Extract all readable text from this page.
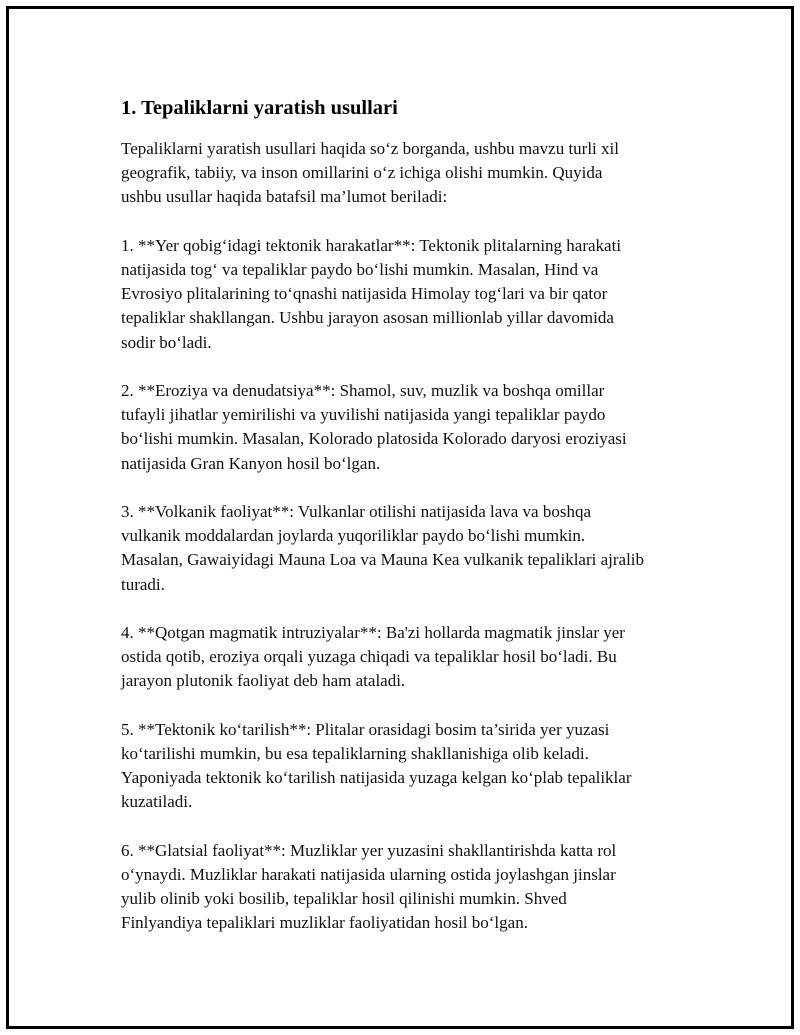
1. Tepaliklarni yaratish usullari

Tepaliklarni yaratish usullari haqida so‘z borganda, ushbu mavzu turli xil
geografik, tabiiy, va inson omillarini o‘z ichiga olishi mumkin. Quyida
ushbu usullar haqida batafsil ma’lumot beriladi:

1. **Yer qobig‘idagi tektonik harakatlar**: Tektonik plitalarning harakati
natijasida tog‘ va tepaliklar paydo bo‘lishi mumkin. Masalan, Hind va
Evrosiyo plitalarining to‘qnashi natijasida Himolay tog‘lari va bir qator
tepaliklar shakllangan. Ushbu jarayon asosan millionlab yillar davomida
sodir bo‘ladi.

2. **Eroziya va denudatsiya**: Shamol, suv, muzlik va boshqa omillar
tufayli jihatlar yemirilishi va yuvilishi natijasida yangi tepaliklar paydo
bo‘lishi mumkin. Masalan, Kolorado platosida Kolorado daryosi eroziyasi
natijasida Gran Kanyon hosil bo‘lgan.

3. **Volkanik faoliyat**: Vulkanlar otilishi natijasida lava va boshqa
vulkanik moddalardan joylarda yuqoriliklar paydo bo‘lishi mumkin.
Masalan, Gawaiyidagi Mauna Loa va Mauna Kea vulkanik tepaliklari ajralib
turadi.

4. **Qotgan magmatik intruziyalar**: Ba'zi hollarda magmatik jinslar yer
ostida qotib, eroziya orqali yuzaga chiqadi va tepaliklar hosil bo‘ladi. Bu
jarayon plutonik faoliyat deb ham ataladi.

5. **Tektonik ko‘tarilish**: Plitalar orasidagi bosim ta’sirida yer yuzasi
ko‘tarilishi mumkin, bu esa tepaliklarning shakllanishiga olib keladi.
Yaponiyada tektonik ko‘tarilish natijasida yuzaga kelgan ko‘plab tepaliklar
kuzatiladi.

6. **Glatsial faoliyat**: Muzliklar yer yuzasini shakllantirishda katta rol
o‘ynaydi. Muzliklar harakati natijasida ularning ostida joylashgan jinslar
yulib olinib yoki bosilib, tepaliklar hosil qilinishi mumkin. Shved
Finlyandiya tepaliklari muzliklar faoliyatidan hosil bo‘lgan.
